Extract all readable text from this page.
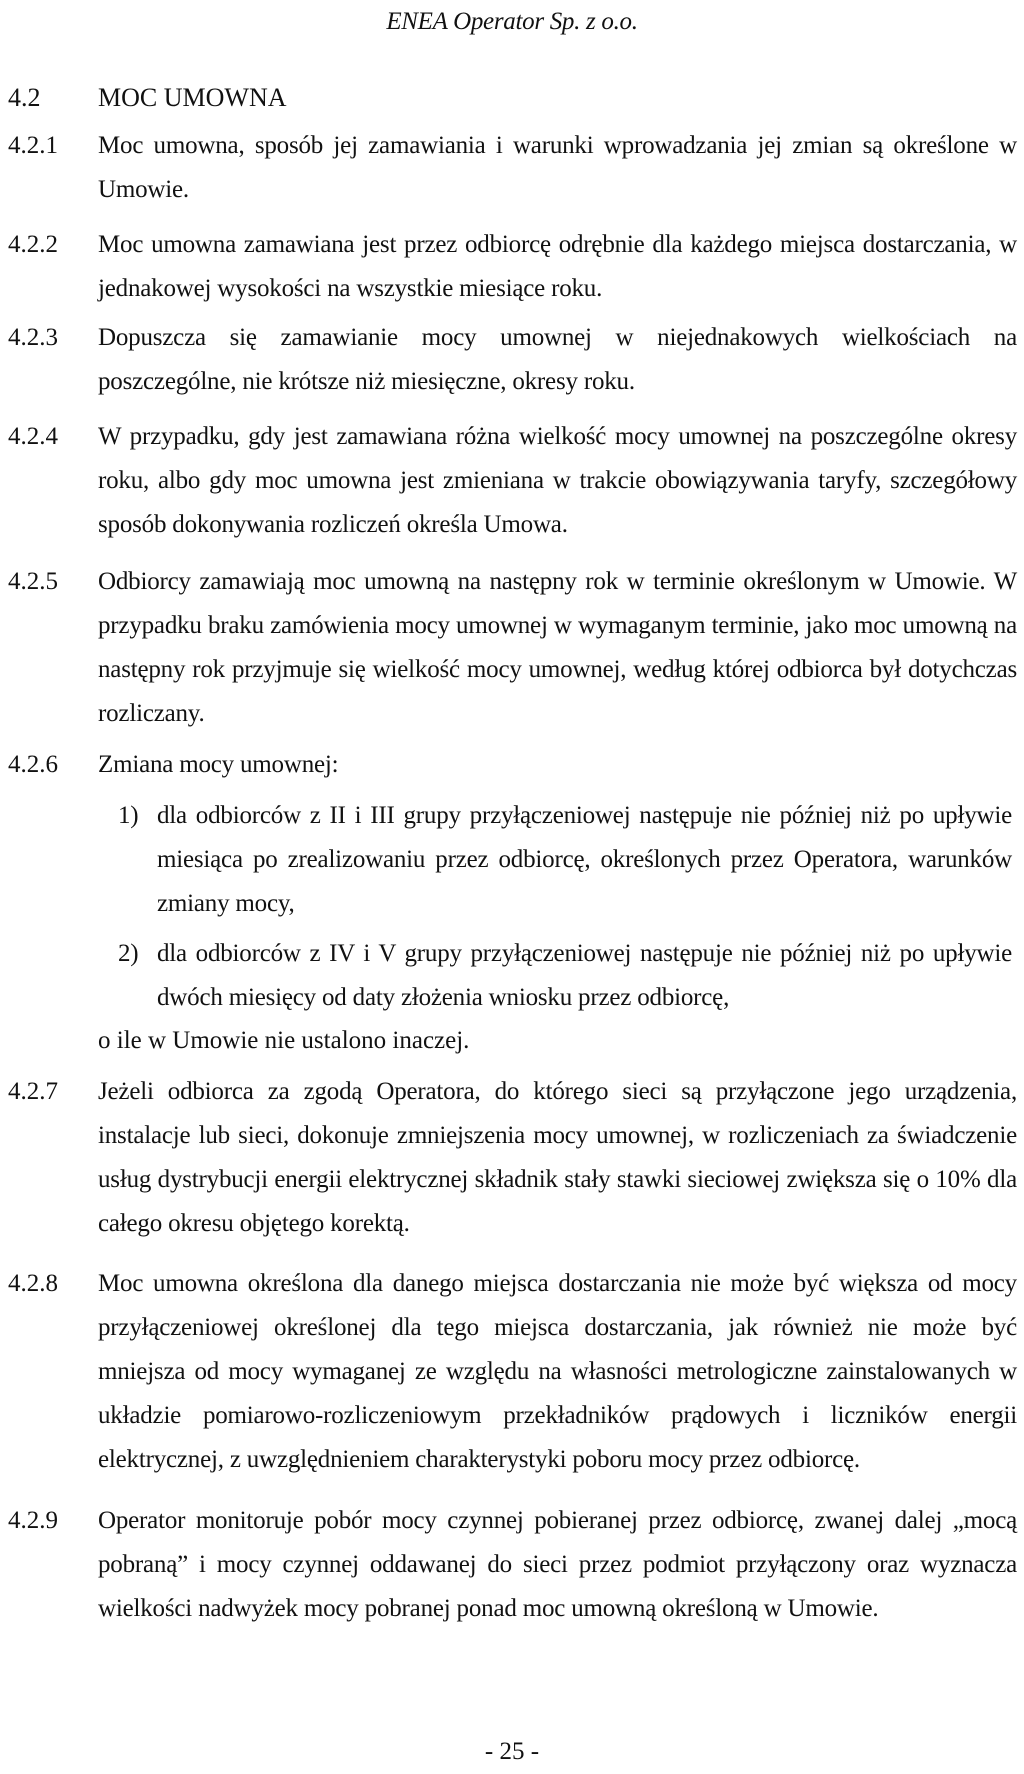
ENEA Operator Sp. z o.o.
4.2 MOC UMOWNA
4.2.1 Moc umowna, sposób jej zamawiania i warunki wprowadzania jej zmian są określone w Umowie.
4.2.2 Moc umowna zamawiana jest przez odbiorcę odrębnie dla każdego miejsca dostarczania, w jednakowej wysokości na wszystkie miesiące roku.
4.2.3 Dopuszcza się zamawianie mocy umownej w niejednakowych wielkościach na poszczególne, nie krótsze niż miesięczne, okresy roku.
4.2.4 W przypadku, gdy jest zamawiana różna wielkość mocy umownej na poszczególne okresy roku, albo gdy moc umowna jest zmieniana w trakcie obowiązywania taryfy, szczegółowy sposób dokonywania rozliczeń określa Umowa.
4.2.5 Odbiorcy zamawiają moc umowną na następny rok w terminie określonym w Umowie. W przypadku braku zamówienia mocy umownej w wymaganym terminie, jako moc umowną na następny rok przyjmuje się wielkość mocy umownej, według której odbiorca był dotychczas rozliczany.
4.2.6 Zmiana mocy umownej:
1) dla odbiorców z II i III grupy przyłączeniowej następuje nie później niż po upływie miesiąca po zrealizowaniu przez odbiorcę, określonych przez Operatora, warunków zmiany mocy,
2) dla odbiorców z IV i V grupy przyłączeniowej następuje nie później niż po upływie dwóch miesięcy od daty złożenia wniosku przez odbiorcę,
o ile w Umowie nie ustalono inaczej.
4.2.7 Jeżeli odbiorca za zgodą Operatora, do którego sieci są przyłączone jego urządzenia, instalacje lub sieci, dokonuje zmniejszenia mocy umownej, w rozliczeniach za świadczenie usług dystrybucji energii elektrycznej składnik stały stawki sieciowej zwiększa się o 10% dla całego okresu objętego korektą.
4.2.8 Moc umowna określona dla danego miejsca dostarczania nie może być większa od mocy przyłączeniowej określonej dla tego miejsca dostarczania, jak również nie może być mniejsza od mocy wymaganej ze względu na własności metrologiczne zainstalowanych w układzie pomiarowo-rozliczeniowym przekładników prądowych i liczników energii elektrycznej, z uwzględnieniem charakterystyki poboru mocy przez odbiorcę.
4.2.9 Operator monitoruje pobór mocy czynnej pobieranej przez odbiorcę, zwanej dalej „mocą pobraną” i mocy czynnej oddawanej do sieci przez podmiot przyłączony oraz wyznacza wielkości nadwyżek mocy pobranej ponad moc umowną określoną w Umowie.
- 25 -
